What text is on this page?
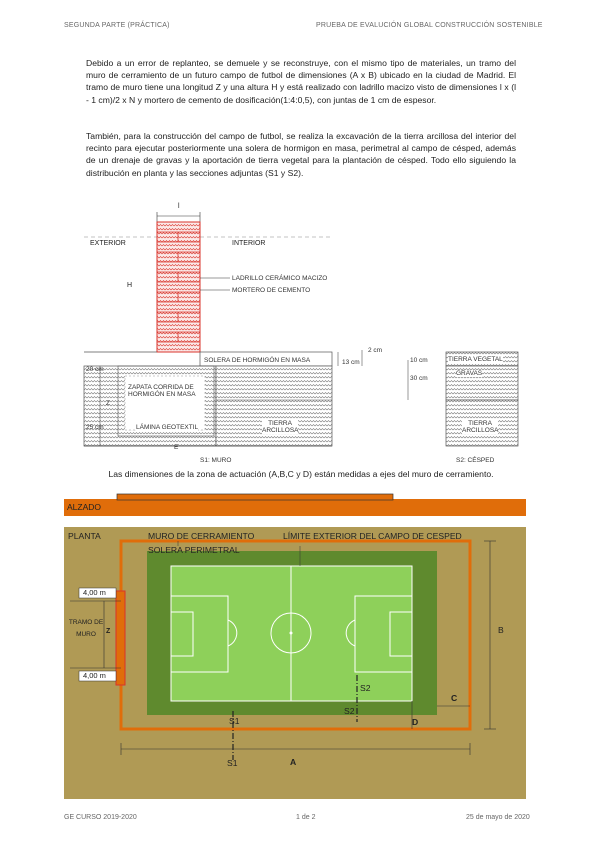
SEGUNDA PARTE (PRÁCTICA)	PRUEBA DE EVALUCIÓN GLOBAL CONSTRUCCIÓN SOSTENIBLE
Debido a un error de replanteo, se demuele y se reconstruye, con el mismo tipo de materiales, un tramo del muro de cerramiento de un futuro campo de futbol de dimensiones (A x B) ubicado en la ciudad de Madrid. El tramo de muro tiene una longitud Z y una altura H y está realizado con ladrillo macizo visto de dimensiones l x (l - 1 cm)/2 x N y mortero de cemento de dosificación(1:4:0,5), con juntas de 1 cm de espesor.
También, para la construcción del campo de futbol, se realiza la excavación de la tierra arcillosa del interior del recinto para ejecutar posteriormente una solera de hormigon en masa, perimetral al campo de césped, además de un drenaje de gravas y la aportación de tierra vegetal para la plantación de césped. Todo ello siguiendo la distribución en planta y las secciones adjuntas (S1 y S2).
l
EXTERIOR	INTERIOR
H
LADRILLO CERÁMICO MACIZO
MORTERO DE CEMENTO
2 cm
SOLERA DE HORMIGÓN EN MASA	13 cm	10 cm	TIERRA VEGETAL
20 cm
30 cm
GRAVAS
ZAPATA CORRIDA DE HORMIGÓN EN MASA
Z
25 cm	LÁMINA GEOTEXTIL
E
TIERRA ARCILLOSA
TIERRA ARCILLOSA
S1: MURO	S2: CÉSPED
Las dimensiones de la zona de actuación (A,B,C y D) están medidas a ejes del muro de cerramiento.
ALZADO
PLANTA	MURO DE CERRAMIENTO	LÍMITE EXTERIOR DEL CAMPO DE CESPED
SOLERA PERIMETRAL
4,00 m
4,00 m
TRAMO DE MURO	Z	B
A
C
D
S1
S1
S2
S2
GE CURSO 2019-2020	1 de 2	25 de mayo de 2020
